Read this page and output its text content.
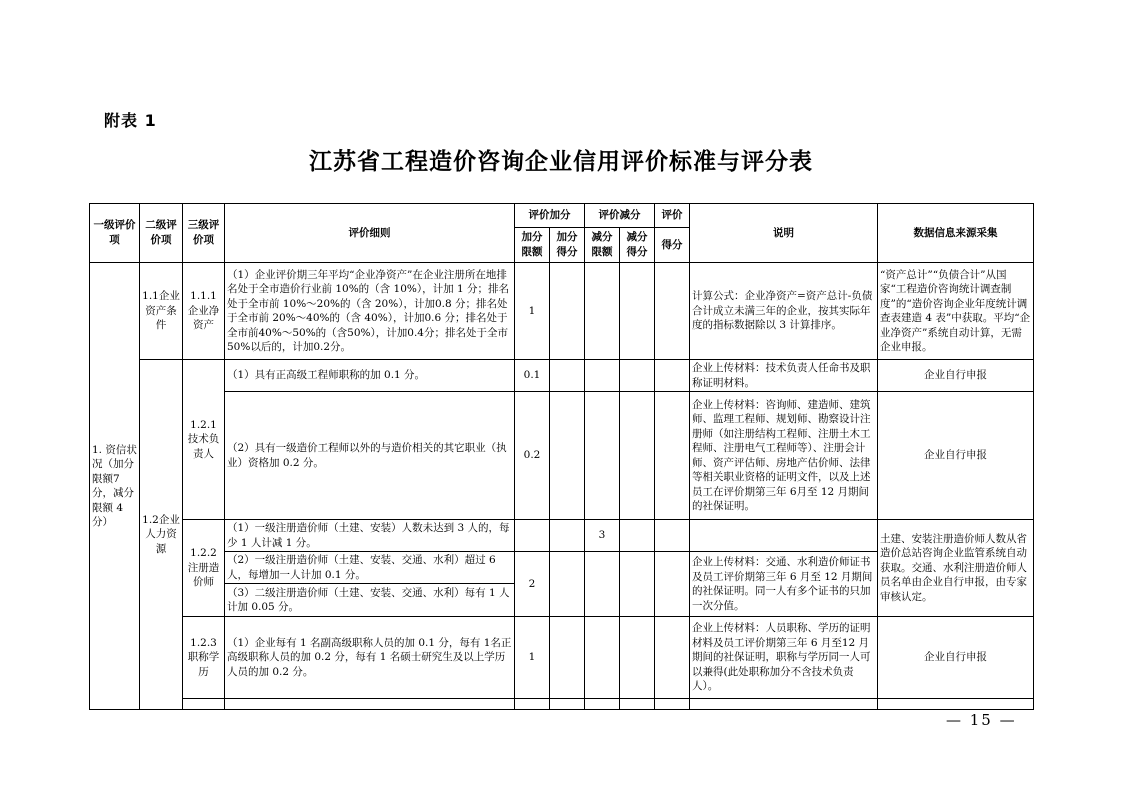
附表 1
江苏省工程造价咨询企业信用评价标准与评分表
一级评价项	二级评价项	三级评价项	评价细则	评价加分		评价减分		评价	说明	数据信息来源采集
				加分限额	加分得分	减分限额	减分得分	得分		
1. 资信状况（加分限额7分，减分限额 4分）	1.1企业资产条件	1.1.1企业净资产	（1）企业评价期三年平均“企业净资产”在企业注册所在地排名处于全市造价行业前 10%的（含 10%），计加 1 分；排名处于全市前 10%～20%的（含 20%），计加0.8 分；排名处于全市前 20%～40%的（含 40%），计加0.6 分；排名处于全市前40%～50%的（含50%），计加0.4分；排名处于全市50%以后的，计加0.2分。	1					计算公式：企业净资产=资产总计-负债合计成立未满三年的企业，按其实际年度的指标数据除以 3 计算排序。	“资产总计”“负债合计”从国家“工程造价咨询统计调查制度”的“造价咨询企业年度统计调查表建造 4 表”中获取。平均“企业净资产”系统自动计算，无需企业申报。
	1.2企业人力资源	1.2.1技术负责人	（1）具有正高级工程师职称的加 0.1 分。	0.1					企业上传材料：技术负责人任命书及职称证明材料。	企业自行申报
			（2）具有一级造价工程师以外的与造价相关的其它职业（执业）资格加 0.2 分。	0.2					企业上传材料：咨询师、建造师、建筑师、监理工程师、规划师、勘察设计注册师（如注册结构工程师、注册土木工程师、注册电气工程师等）、注册会计师、资产评估师、房地产估价师、法律等相关职业资格的证明文件，以及上述员工在评价期第三年 6月至 12 月期间的社保证明。	企业自行申报
		1.2.2注册造价师	（1）一级注册造价师（土建、安装）人数未达到 3 人的，每少 1 人计减 1 分。			3				土建、安装注册造价师人数从省造价总站咨询企业监管系统自动获取。交通、水利注册造价师人员名单由企业自行申报，由专家审核认定。
			（2）一级注册造价师（土建、安装、交通、水利）超过 6 人，每增加一人计加 0.1 分。	2					企业上传材料：交通、水利造价师证书及员工评价期第三年 6 月至 12 月期间的社保证明。同一人有多个证书的只加一次分值。	
			（3）二级注册造价师（土建、安装、交通、水利）每有 1 人计加 0.05 分。							
		1.2.3职称学历	（1）企业每有 1 名副高级职称人员的加 0.1 分，每有 1名正高级职称人员的加 0.2 分，每有 1 名硕士研究生及以上学历人员的加 0.2 分。	1					企业上传材料：人员职称、学历的证明材料及员工评价期第三年 6 月至12 月期间的社保证明，职称与学历同一人可以兼得(此处职称加分不含技术负责人）。	企业自行申报

— 15 —
